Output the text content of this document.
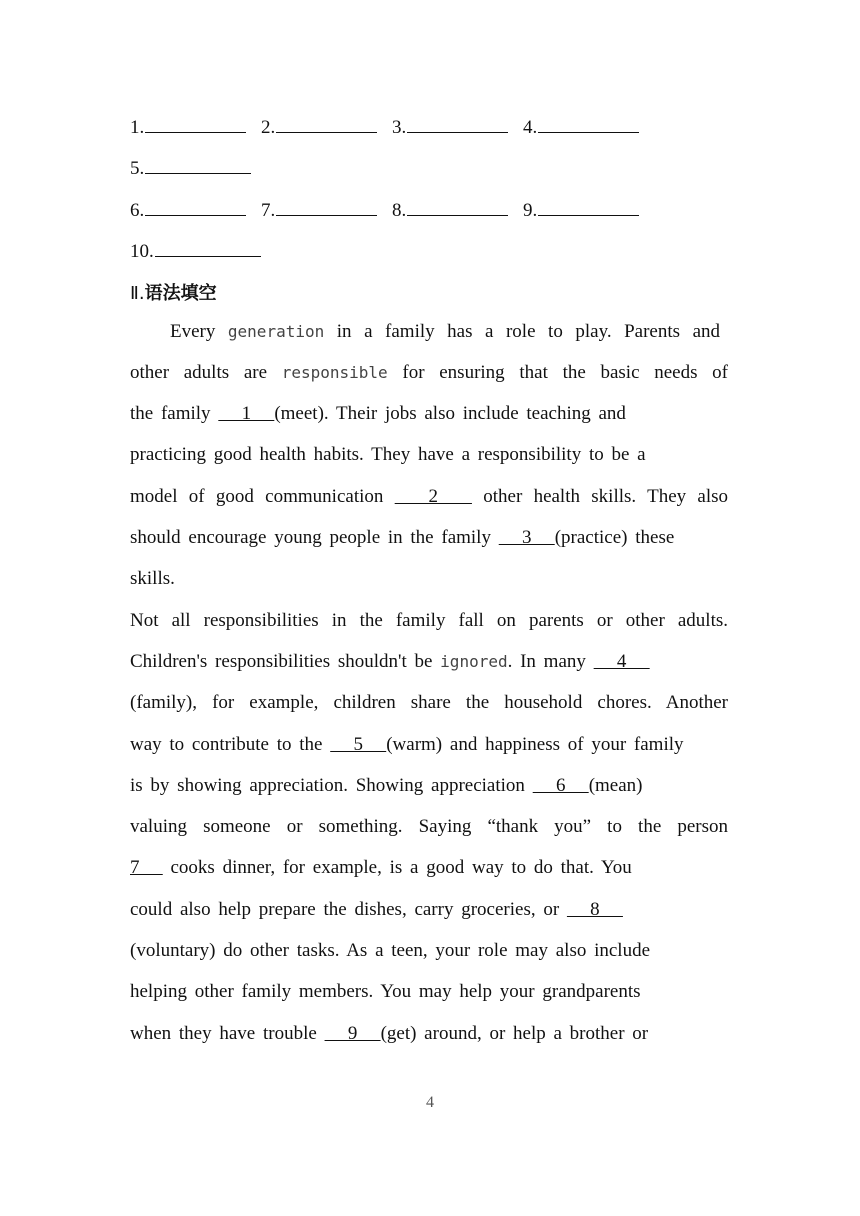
1.	2.	3.	4.
5.
6.	7.	8.	9.
10.
Ⅱ.语法填空
Every generation in a family has a role to play. Parents and
other adults are responsible for ensuring that the basic needs of
the family    1   (meet). Their jobs also include teaching and
practicing good health habits. They have a responsibility to be a
model of good communication    2    other health skills. They also
should encourage young people in the family    3   (practice) these
skills.
Not all responsibilities in the family fall on parents or other adults.
Children's responsibilities shouldn't be ignored. In many    4
(family), for example, children share the household chores. Another
way to contribute to the    5   (warm) and happiness of your family
is by showing appreciation. Showing appreciation    6   (mean)
valuing someone or something. Saying “thank you” to the person
7    cooks dinner, for example, is a good way to do that. You
could also help prepare the dishes, carry groceries, or    8
(voluntary) do other tasks. As a teen, your role may also include
helping other family members. You may help your grandparents
when they have trouble    9   (get) around, or help a brother or
4
